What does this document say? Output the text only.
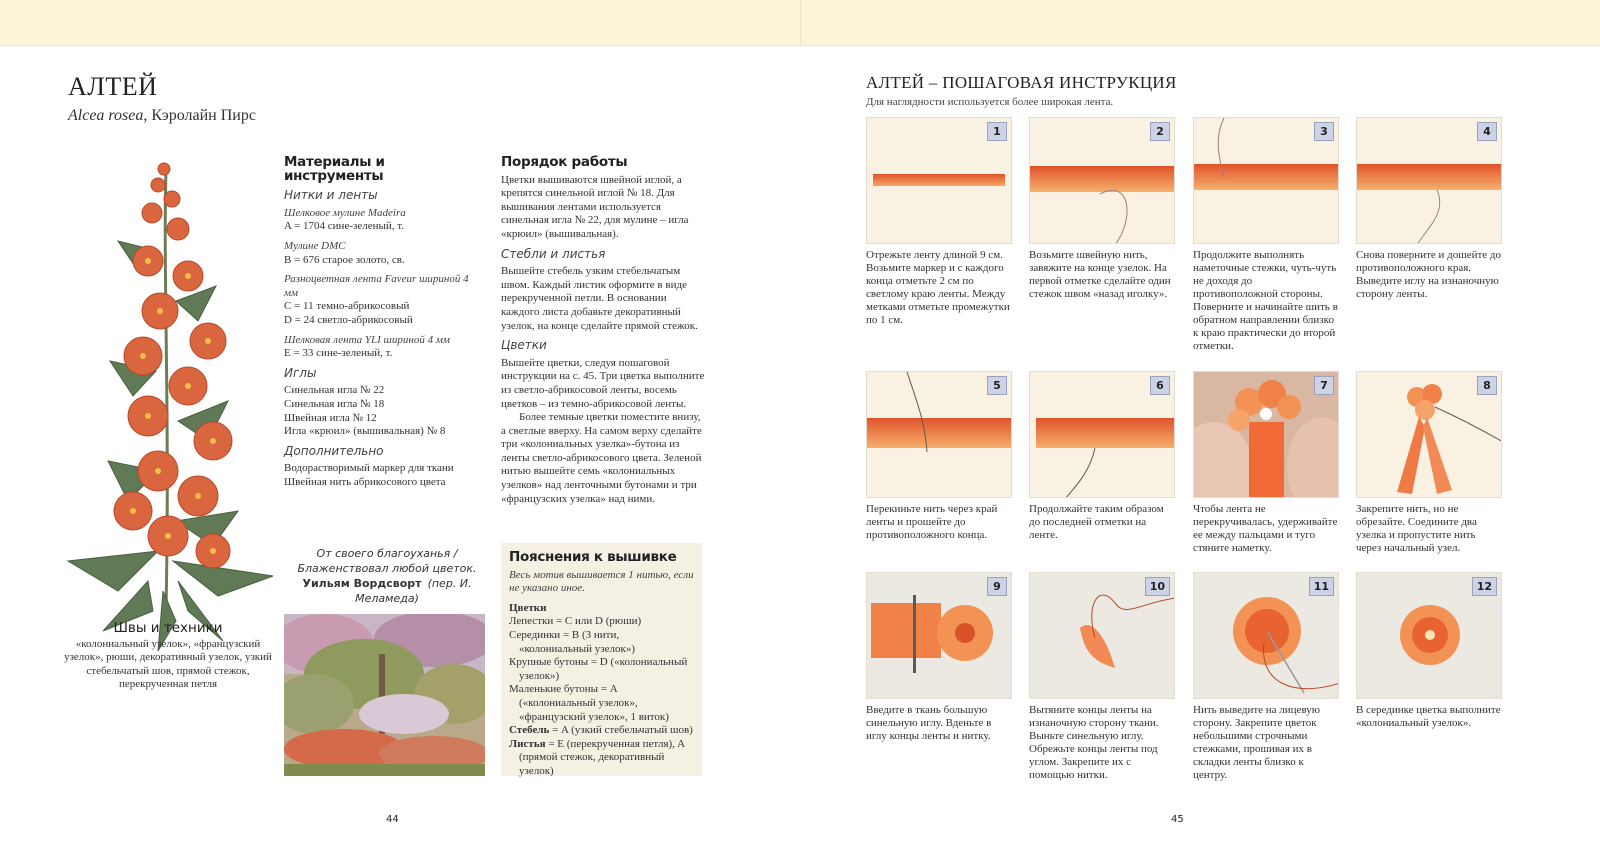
АЛТЕЙ
Alcea rosea, Кэролайн Пирс
Материалы и инструменты
Нитки и ленты

Шелковое мулине Madeira

A = 1704 сине-зеленый, т.

Мулине DMC

B = 676 старое золото, св.

Разноцветная лента Faveur шириной 4 мм

C = 11 темно-абрикосовый

D = 24 светло-абрикосовый

Шелковая лента YLI шириной 4 мм

E = 33 сине-зеленый, т.

Иглы

Синельная игла № 22

Синельная игла № 18

Швейная игла № 12

Игла «крюил» (вышивальная) № 8

Дополнительно

Водорастворимый маркер для ткани

Швейная нить абрикосового цвета

Порядок работы

Цветки вышиваются швейной иглой, а крепятся синельной иглой № 18. Для вышивания лентами используется синельная игла № 22, для мулине – игла «крюил» (вышивальная).

Стебли и листья

Вышейте стебель узким стебельчатым швом. Каждый листик оформите в виде перекрученной петли. В основании каждого листа добавьте декоративный узелок, на конце сделайте прямой стежок.

Цветки

Вышейте цветки, следуя пошаговой инструкции на с. 45. Три цветка выполните из светло-абрикосовой ленты, восемь цветков – из темно-абрикосовой ленты.

Более темные цветки поместите внизу, а светлые вверху. На самом верху сделайте три «колониальных узелка»-бутона из ленты светло-абрикосового цвета. Зеленой нитью вышейте семь «колониальных узелков» над ленточными бутонами и три «французских узелка» над ними.

От своего благоуханья / Блаженствовал любой цветок.
Уильям Вордсворт (пер. И. Меламеда)
Швы и техники
«колониальный узелок», «французский узелок», рюши, декоративный узелок, узкий стебельчатый шов, прямой стежок, перекрученная петля
Пояснения к вышивке

Весь мотив вышивается 1 нитью, если не указано иное.

Цветки

Лепестки = C или D (рюши)

Серединки = B (3 нити, «колониальный узелок»)

Крупные бутоны = D («колониальный узелок»)

Маленькие бутоны = A («колониальный узелок», «французский узелок», 1 виток)

Стебель = A (узкий стебельчатый шов)

Листья = E (перекрученная петля), A (прямой стежок, декоративный узелок)

44
АЛТЕЙ – ПОШАГОВАЯ ИНСТРУКЦИЯ
Для наглядности используется более широкая лента.
1
Отрежьте ленту длиной 9 см. Возьмите маркер и с каждого конца отметьте 2 см по светлому краю ленты. Между метками отметьте промежутки по 1 см.
2
Возьмите швейную нить, завяжите на конце узелок. На первой отметке сделайте один стежок швом «назад иголку».
3
Продолжите выполнять наметочные стежки, чуть-чуть не доходя до противоположной стороны. Поверните и начинайте шить в обратном направлении близко к краю практически до второй отметки.
4
Снова поверните и дошейте до противоположного края. Выведите иглу на изнаночную сторону ленты.
5
Перекиньте нить через край ленты и прошейте до противоположного конца.
6
Продолжайте таким образом до последней отметки на ленте.
7
Чтобы лента не перекручивалась, удерживайте ее между пальцами и туго стяните наметку.
8
Закрепите нить, но не обрезайте. Соедините два узелка и пропустите нить через начальный узел.
9
Введите в ткань большую синельную иглу. Вденьте в иглу концы ленты и нитку.
10
Вытяните концы ленты на изнаночную сторону ткани. Выньте синельную иглу. Обрежьте концы ленты под углом. Закрепите их с помощью нитки.
11
Нить выведите на лицевую сторону. Закрепите цветок небольшими строчными стежками, прошивая их в складки ленты близко к центру.
12
В серединке цветка выполните «колониальный узелок».
45
